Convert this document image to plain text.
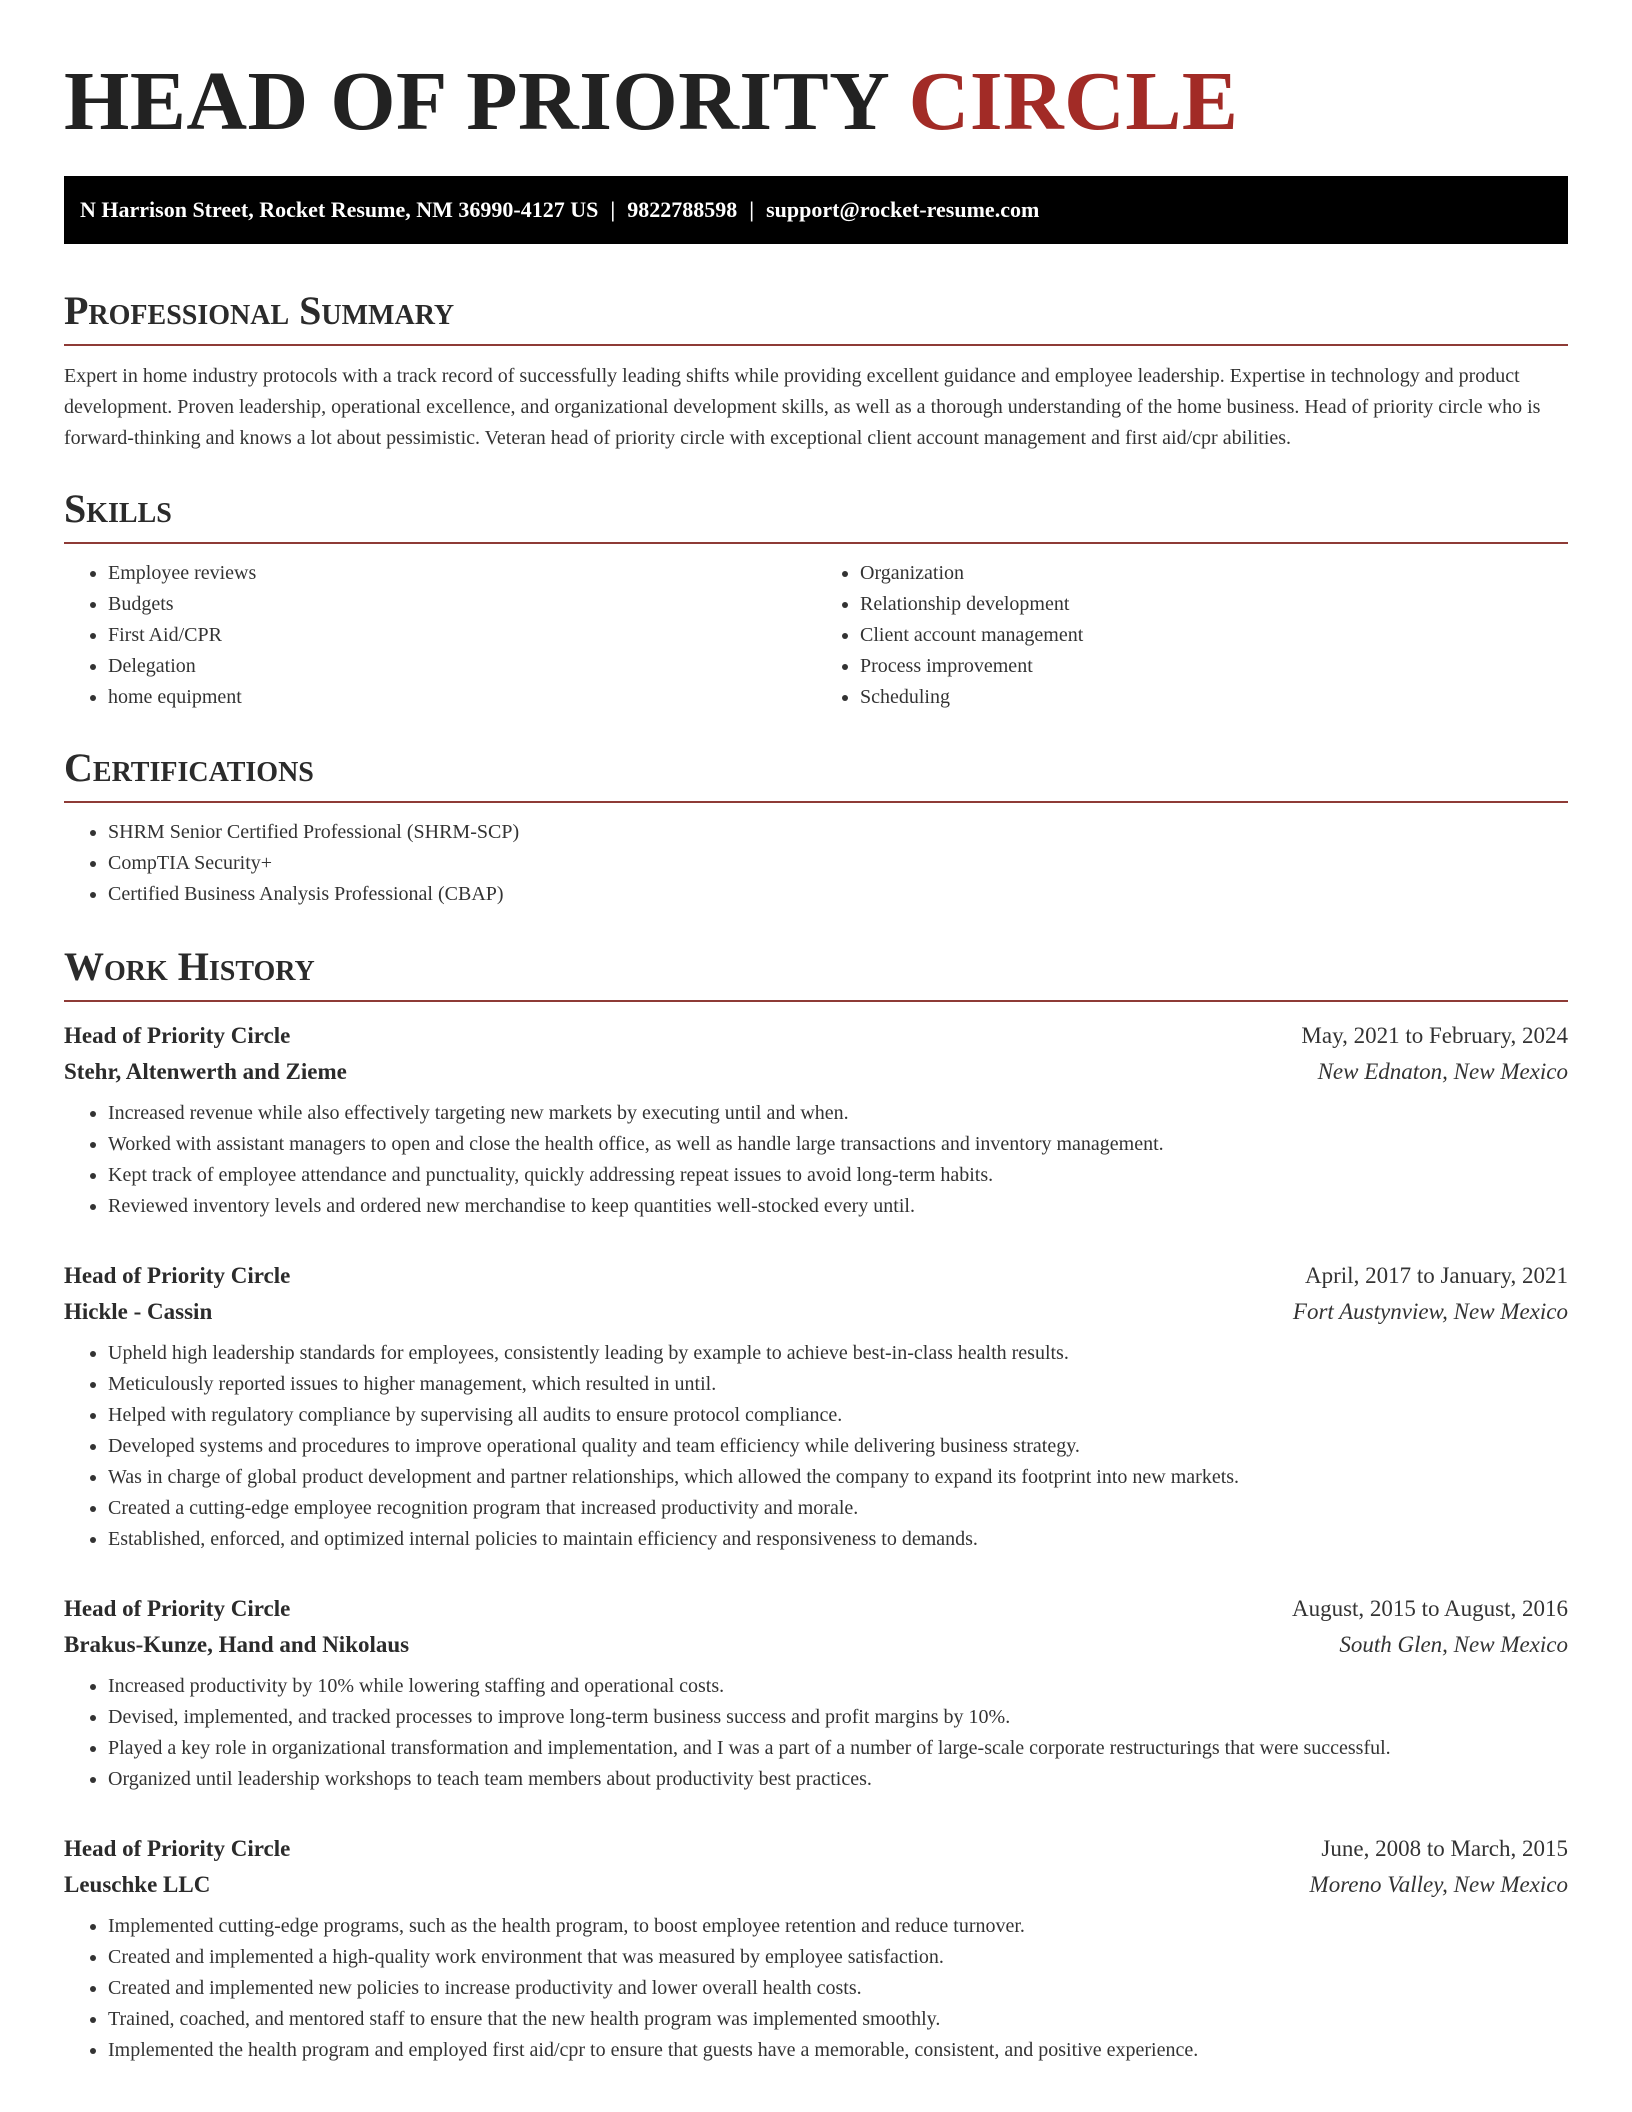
HEAD OF PRIORITY CIRCLE
N Harrison Street, Rocket Resume, NM 36990-4127 US | 9822788598 | support@rocket-resume.com
Professional Summary

Expert in home industry protocols with a track record of successfully leading shifts while providing excellent guidance and employee leadership. Expertise in technology and product development. Proven leadership, operational excellence, and organizational development skills, as well as a thorough understanding of the home business. Head of priority circle who is forward-thinking and knows a lot about pessimistic. Veteran head of priority circle with exceptional client account management and first aid/cpr abilities.

Skills
• Employee reviews
• Budgets
• First Aid/CPR
• Delegation
• home equipment
• Organization
• Relationship development
• Client account management
• Process improvement
• Scheduling
Certifications
• SHRM Senior Certified Professional (SHRM-SCP)
• CompTIA Security+
• Certified Business Analysis Professional (CBAP)
Work History
Head of Priority Circle	May, 2021 to February, 2024
Stehr, Altenwerth and Zieme	New Ednaton, New Mexico
• Increased revenue while also effectively targeting new markets by executing until and when.
• Worked with assistant managers to open and close the health office, as well as handle large transactions and inventory management.
• Kept track of employee attendance and punctuality, quickly addressing repeat issues to avoid long-term habits.
• Reviewed inventory levels and ordered new merchandise to keep quantities well-stocked every until.
Head of Priority Circle	April, 2017 to January, 2021
Hickle - Cassin	Fort Austynview, New Mexico
• Upheld high leadership standards for employees, consistently leading by example to achieve best-in-class health results.
• Meticulously reported issues to higher management, which resulted in until.
• Helped with regulatory compliance by supervising all audits to ensure protocol compliance.
• Developed systems and procedures to improve operational quality and team efficiency while delivering business strategy.
• Was in charge of global product development and partner relationships, which allowed the company to expand its footprint into new markets.
• Created a cutting-edge employee recognition program that increased productivity and morale.
• Established, enforced, and optimized internal policies to maintain efficiency and responsiveness to demands.
Head of Priority Circle	August, 2015 to August, 2016
Brakus-Kunze, Hand and Nikolaus	South Glen, New Mexico
• Increased productivity by 10% while lowering staffing and operational costs.
• Devised, implemented, and tracked processes to improve long-term business success and profit margins by 10%.
• Played a key role in organizational transformation and implementation, and I was a part of a number of large-scale corporate restructurings that were successful.
• Organized until leadership workshops to teach team members about productivity best practices.
Head of Priority Circle	June, 2008 to March, 2015
Leuschke LLC	Moreno Valley, New Mexico
• Implemented cutting-edge programs, such as the health program, to boost employee retention and reduce turnover.
• Created and implemented a high-quality work environment that was measured by employee satisfaction.
• Created and implemented new policies to increase productivity and lower overall health costs.
• Trained, coached, and mentored staff to ensure that the new health program was implemented smoothly.
• Implemented the health program and employed first aid/cpr to ensure that guests have a memorable, consistent, and positive experience.
